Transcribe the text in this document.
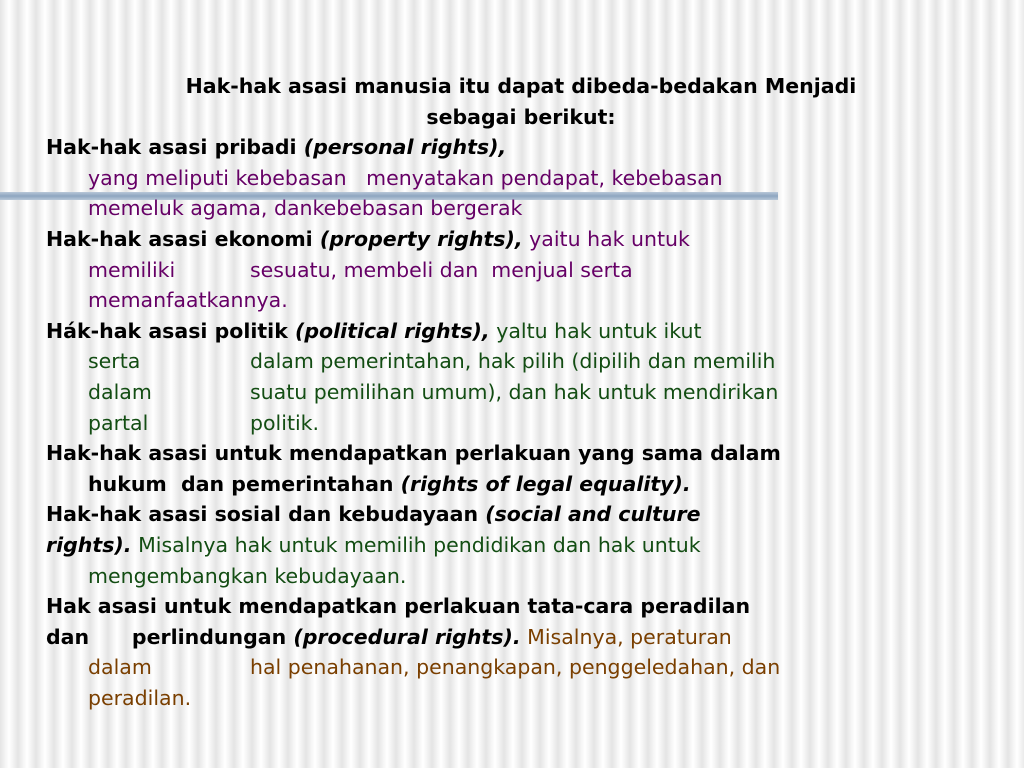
Hak-hak asasi manusia itu dapat dibeda-bedakan Menjadi
sebagai berikut:
Hak-hak asasi pribadi (personal rights),
yang meliputi kebebasan   menyatakan pendapat, kebebasan
memeluk agama, dankebebasan bergerak
Hak-hak asasi ekonomi (property rights), yaitu hak untuk
memiliki	sesuatu, membeli dan  menjual serta
memanfaatkannya.
Hák-hak asasi politik (political rights), yaltu hak untuk ikut
serta	dalam pemerintahan, hak pilih (dipilih dan memilih
dalam	suatu pemilihan umum), dan hak untuk mendirikan
partal	politik.
Hak-hak asasi untuk mendapatkan perlakuan yang sama dalam
hukum  dan pemerintahan (rights of legal equality).
Hak-hak asasi sosial dan kebudayaan (social and culture
rights). Misalnya hak untuk memilih pendidikan dan hak untuk
mengembangkan kebudayaan.
Hak asasi untuk mendapatkan perlakuan tata-cara peradilan
dan      perlindungan (procedural rights). Misalnya, peraturan
dalam	hal penahanan, penangkapan, penggeledahan, dan
peradilan.
